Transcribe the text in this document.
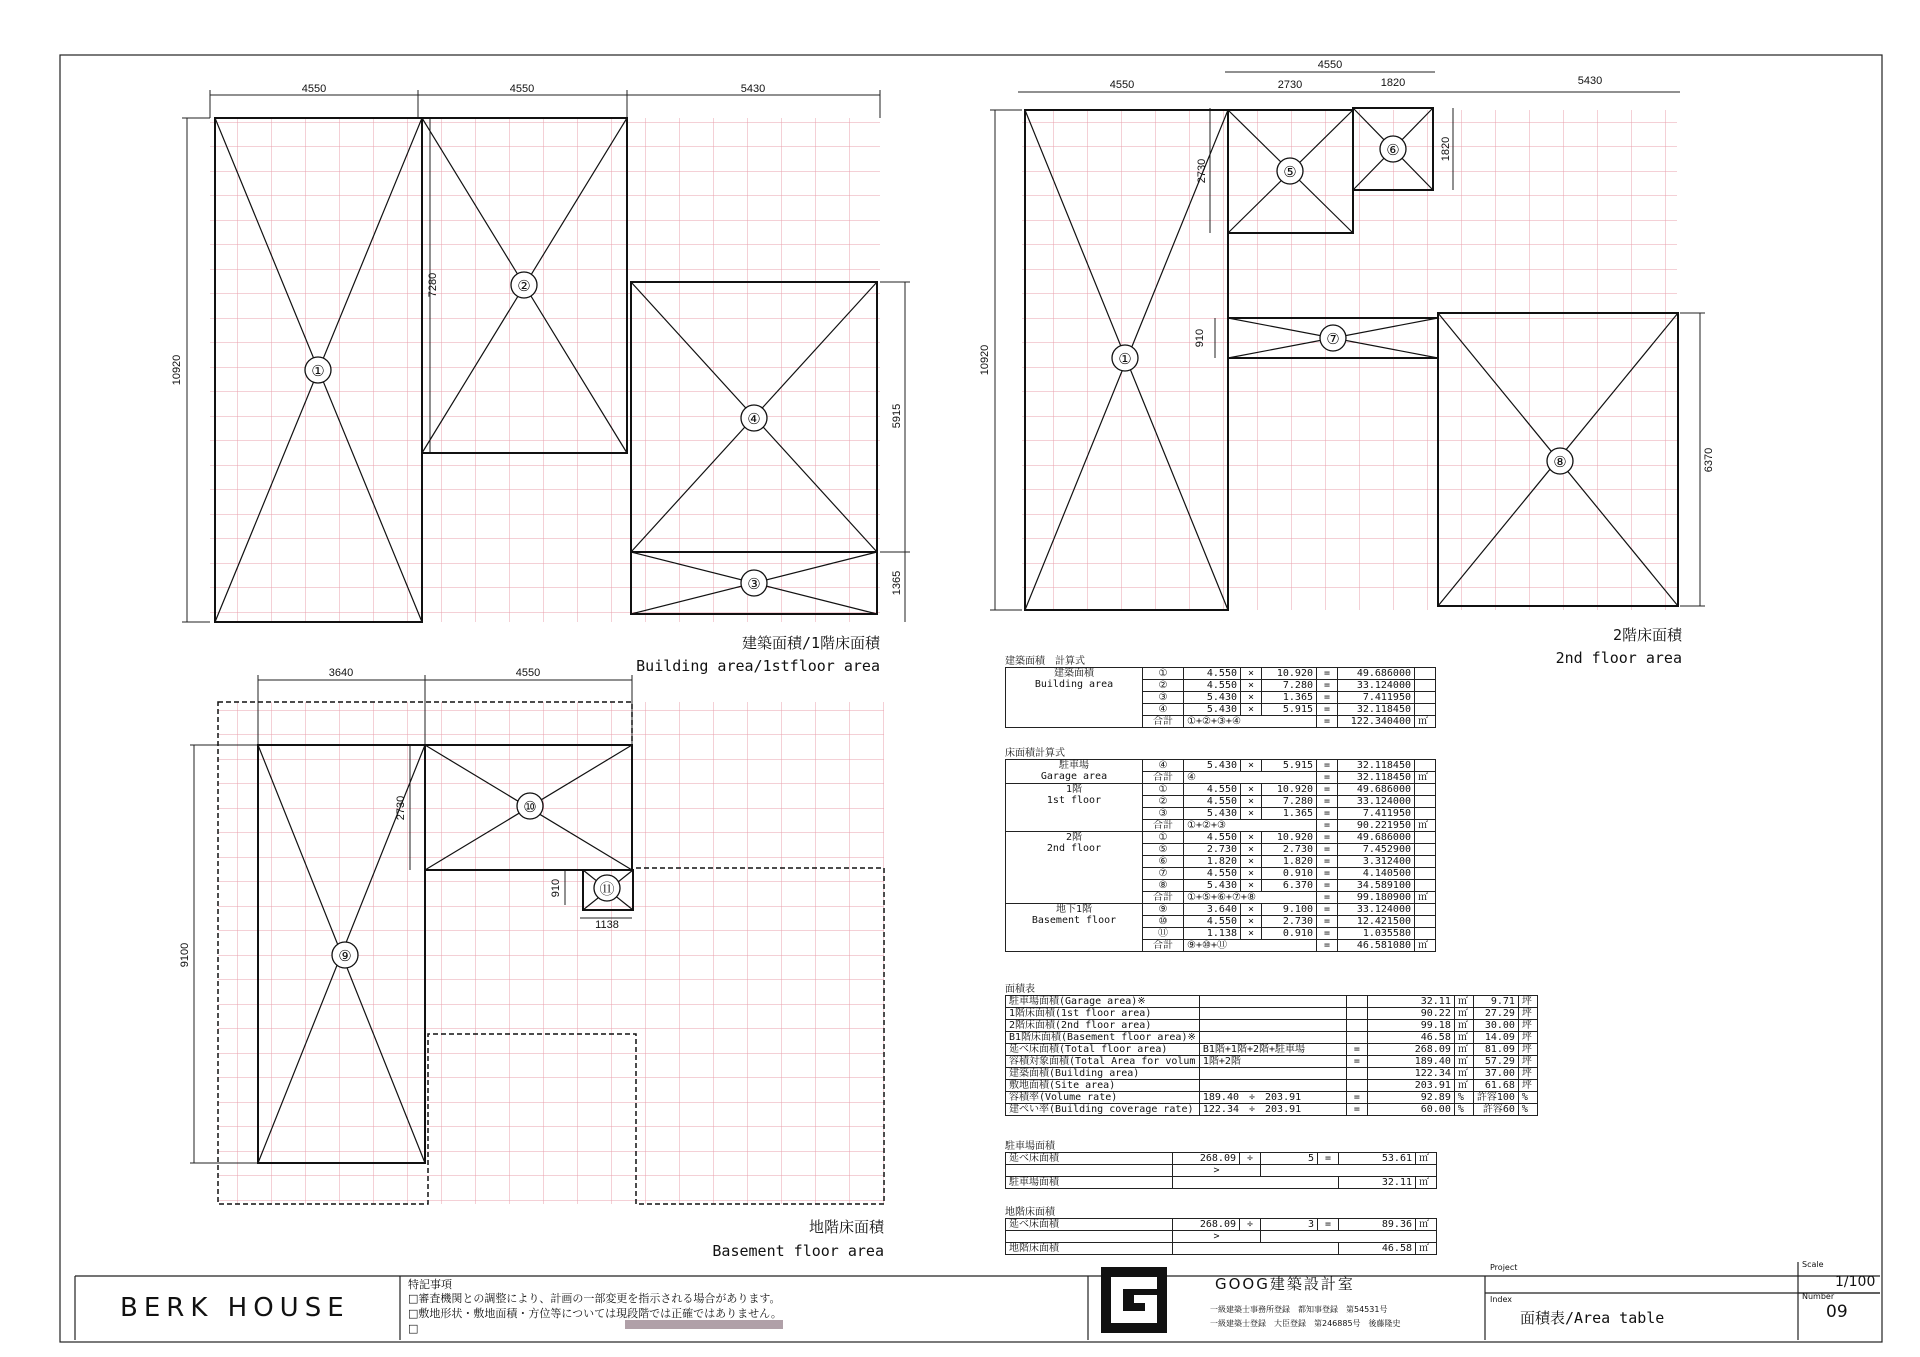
4550	4550	5430
10920
7280
5915
1365
4550
4550
2730	1820	5430
10920
2730
1820
910
6370
3640	4550
9100
2730
910
1138
①
②
④
③
①
⑤
⑥
⑦
⑧
⑨
⑩
⑪
建築面積/1階床面積
Building area/1stfloor area
2階床面積
2nd floor area
地階床面積
Basement floor area
建築面積　計算式
建築面積
Building area	①	4.550	×	10.920	=	49.686000	
	②	4.550	×	7.280	=	33.124000	
	③	5.430	×	1.365	=	7.411950	
	④	5.430	×	5.915	=	32.118450	
	合計	①+②+③+④			=	122.340400	㎡
床面積計算式
駐車場
Garage area	④	5.430	×	5.915	=	32.118450	
	合計	④			=	32.118450	㎡
1階
1st floor	①	4.550	×	10.920	=	49.686000	
	②	4.550	×	7.280	=	33.124000	
	③	5.430	×	1.365	=	7.411950	
	合計	①+②+③			=	90.221950	㎡
2階
2nd floor	①	4.550	×	10.920	=	49.686000	
	⑤	2.730	×	2.730	=	7.452900	
	⑥	1.820	×	1.820	=	3.312400	
	⑦	4.550	×	0.910	=	4.140500	
	⑧	5.430	×	6.370	=	34.589100	
	合計	①+⑤+⑥+⑦+⑧			=	99.180900	㎡
地下1階
Basement floor	⑨	3.640	×	9.100	=	33.124000	
	⑩	4.550	×	2.730	=	12.421500	
	⑪	1.138	×	0.910	=	1.035580	
	合計	⑨+⑩+⑪			=	46.581080	㎡
面積表
駐車場面積(Garage area)※			32.11	㎡	9.71	坪
1階床面積(1st floor area)			90.22	㎡	27.29	坪
2階床面積(2nd floor area)			99.18	㎡	30.00	坪
B1階床面積(Basement floor area)※			46.58	㎡	14.09	坪
延べ床面積(Total floor area)	B1階+1階+2階+駐車場	=	268.09	㎡	81.09	坪
容積対象面積(Total Area for volum	1階+2階	=	189.40	㎡	57.29	坪
建築面積(Building area)			122.34	㎡	37.00	坪
敷地面積(Site area)			203.91	㎡	61.68	坪
容積率(Volume rate)	189.40　÷　203.91	=	92.89	%	許容100	%
建ぺい率(Building coverage rate)	122.34　÷　203.91	=	60.00	%	許容60	%
駐車場面積
延べ床面積	268.09	÷	5	=	53.61	㎡
	>					
駐車場面積					32.11	㎡
地階床面積
延べ床面積	268.09	÷	3	=	89.36	㎡
	>					
地階床面積					46.58	㎡
BERK HOUSE
特記事項
□審査機関との調整により、計画の一部変更を指示される場合があります。
□敷地形状・敷地面積・方位等については現段階では正確ではありません。
□
GOOG建築設計室
一級建築士事務所登録　 都知事登録　 第54531号
一級建築士登録　 大臣登録　 第246885号　 後藤隆史
Project
Index
面積表/Area table
Scale
1/100
Number
09
